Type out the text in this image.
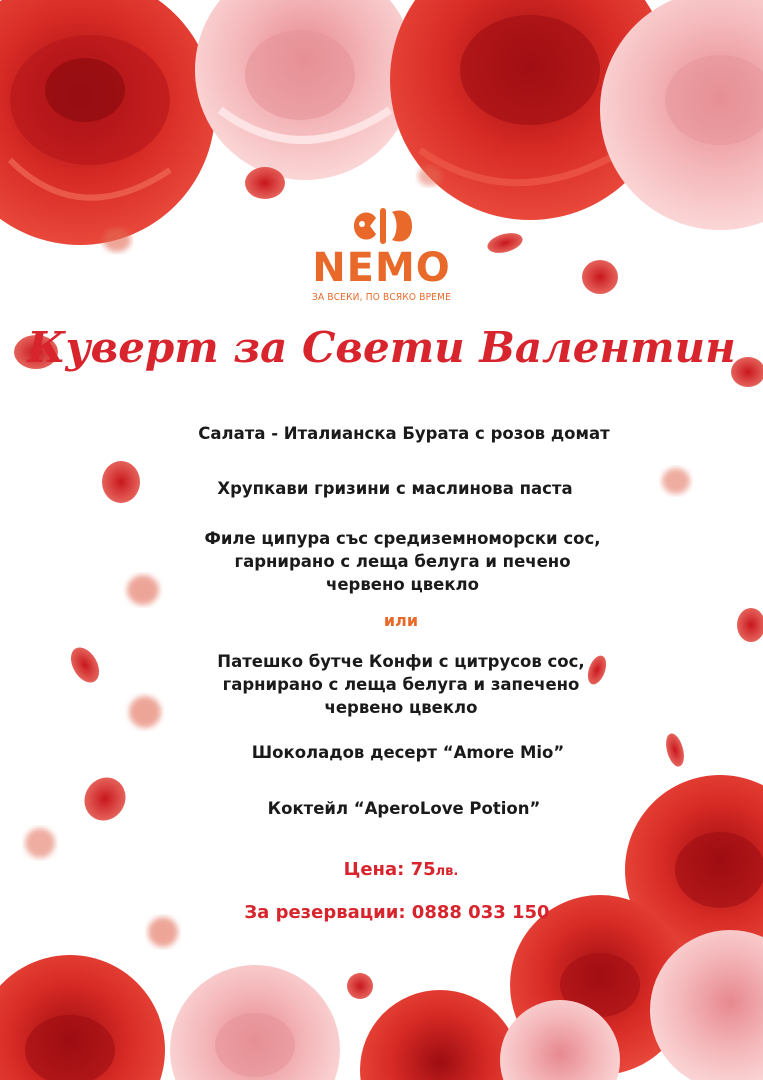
NEMO
ЗА ВСЕКИ, ПО ВСЯКО ВРЕМЕ
Куверт за Свети Валентин
Салата - Италианска Бурата с розов домат
Хрупкави гризини с маслинова паста
Филе ципура със средиземноморски сос,
гарнирано с леща белуга и печено
червено цвекло
или
Патешко бутче Конфи с цитрусов сос,
гарнирано с леща белуга и запечено
червено цвекло
Шоколадов десерт “Amore Mio”
Коктейл “AperoLove Potion”
Цена: 75лв.
За резервации: 0888 033 150
